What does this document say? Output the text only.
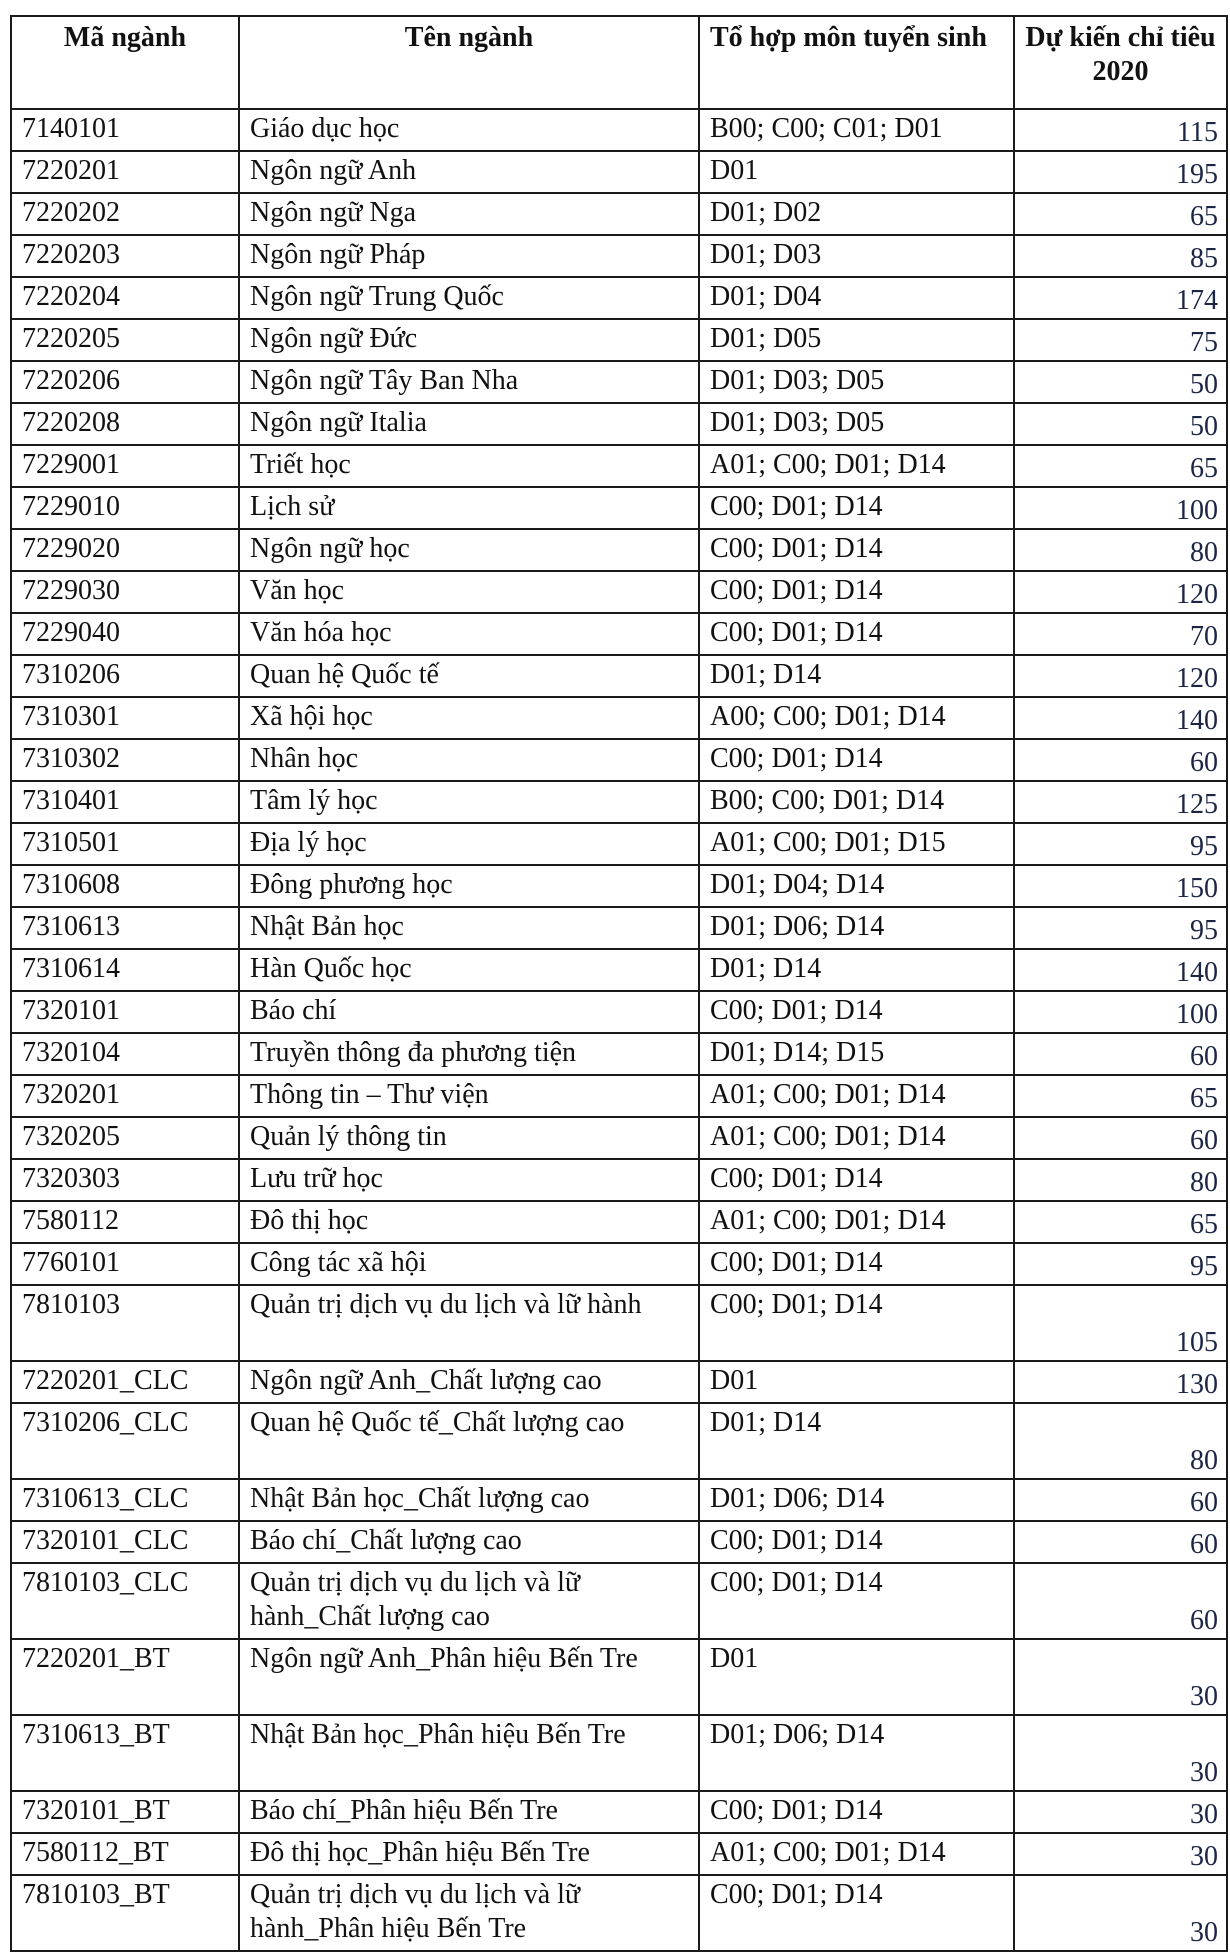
Mã ngành	Tên ngành	Tổ hợp môn tuyển sinh	Dự kiến chỉ tiêu 2020
7140101	Giáo dục học	B00; C00; C01; D01	115
7220201	Ngôn ngữ Anh	D01	195
7220202	Ngôn ngữ Nga	D01; D02	65
7220203	Ngôn ngữ Pháp	D01; D03	85
7220204	Ngôn ngữ Trung Quốc	D01; D04	174
7220205	Ngôn ngữ Đức	D01; D05	75
7220206	Ngôn ngữ Tây Ban Nha	D01; D03; D05	50
7220208	Ngôn ngữ Italia	D01; D03; D05	50
7229001	Triết học	A01; C00; D01; D14	65
7229010	Lịch sử	C00; D01; D14	100
7229020	Ngôn ngữ học	C00; D01; D14	80
7229030	Văn học	C00; D01; D14	120
7229040	Văn hóa học	C00; D01; D14	70
7310206	Quan hệ Quốc tế	D01; D14	120
7310301	Xã hội học	A00; C00; D01; D14	140
7310302	Nhân học	C00; D01; D14	60
7310401	Tâm lý học	B00; C00; D01; D14	125
7310501	Địa lý học	A01; C00; D01; D15	95
7310608	Đông phương học	D01; D04; D14	150
7310613	Nhật Bản học	D01; D06; D14	95
7310614	Hàn Quốc học	D01; D14	140
7320101	Báo chí	C00; D01; D14	100
7320104	Truyền thông đa phương tiện	D01; D14; D15	60
7320201	Thông tin – Thư viện	A01; C00; D01; D14	65
7320205	Quản lý thông tin	A01; C00; D01; D14	60
7320303	Lưu trữ học	C00; D01; D14	80
7580112	Đô thị học	A01; C00; D01; D14	65
7760101	Công tác xã hội	C00; D01; D14	95
7810103	Quản trị dịch vụ du lịch và lữ hành	C00; D01; D14	105
7220201_CLC	Ngôn ngữ Anh_Chất lượng cao	D01	130
7310206_CLC	Quan hệ Quốc tế_Chất lượng cao	D01; D14	80
7310613_CLC	Nhật Bản học_Chất lượng cao	D01; D06; D14	60
7320101_CLC	Báo chí_Chất lượng cao	C00; D01; D14	60
7810103_CLC	Quản trị dịch vụ du lịch và lữ hành_Chất lượng cao	C00; D01; D14	60
7220201_BT	Ngôn ngữ Anh_Phân hiệu Bến Tre	D01	30
7310613_BT	Nhật Bản học_Phân hiệu Bến Tre	D01; D06; D14	30
7320101_BT	Báo chí_Phân hiệu Bến Tre	C00; D01; D14	30
7580112_BT	Đô thị học_Phân hiệu Bến Tre	A01; C00; D01; D14	30
7810103_BT	Quản trị dịch vụ du lịch và lữ hành_Phân hiệu Bến Tre	C00; D01; D14	30
